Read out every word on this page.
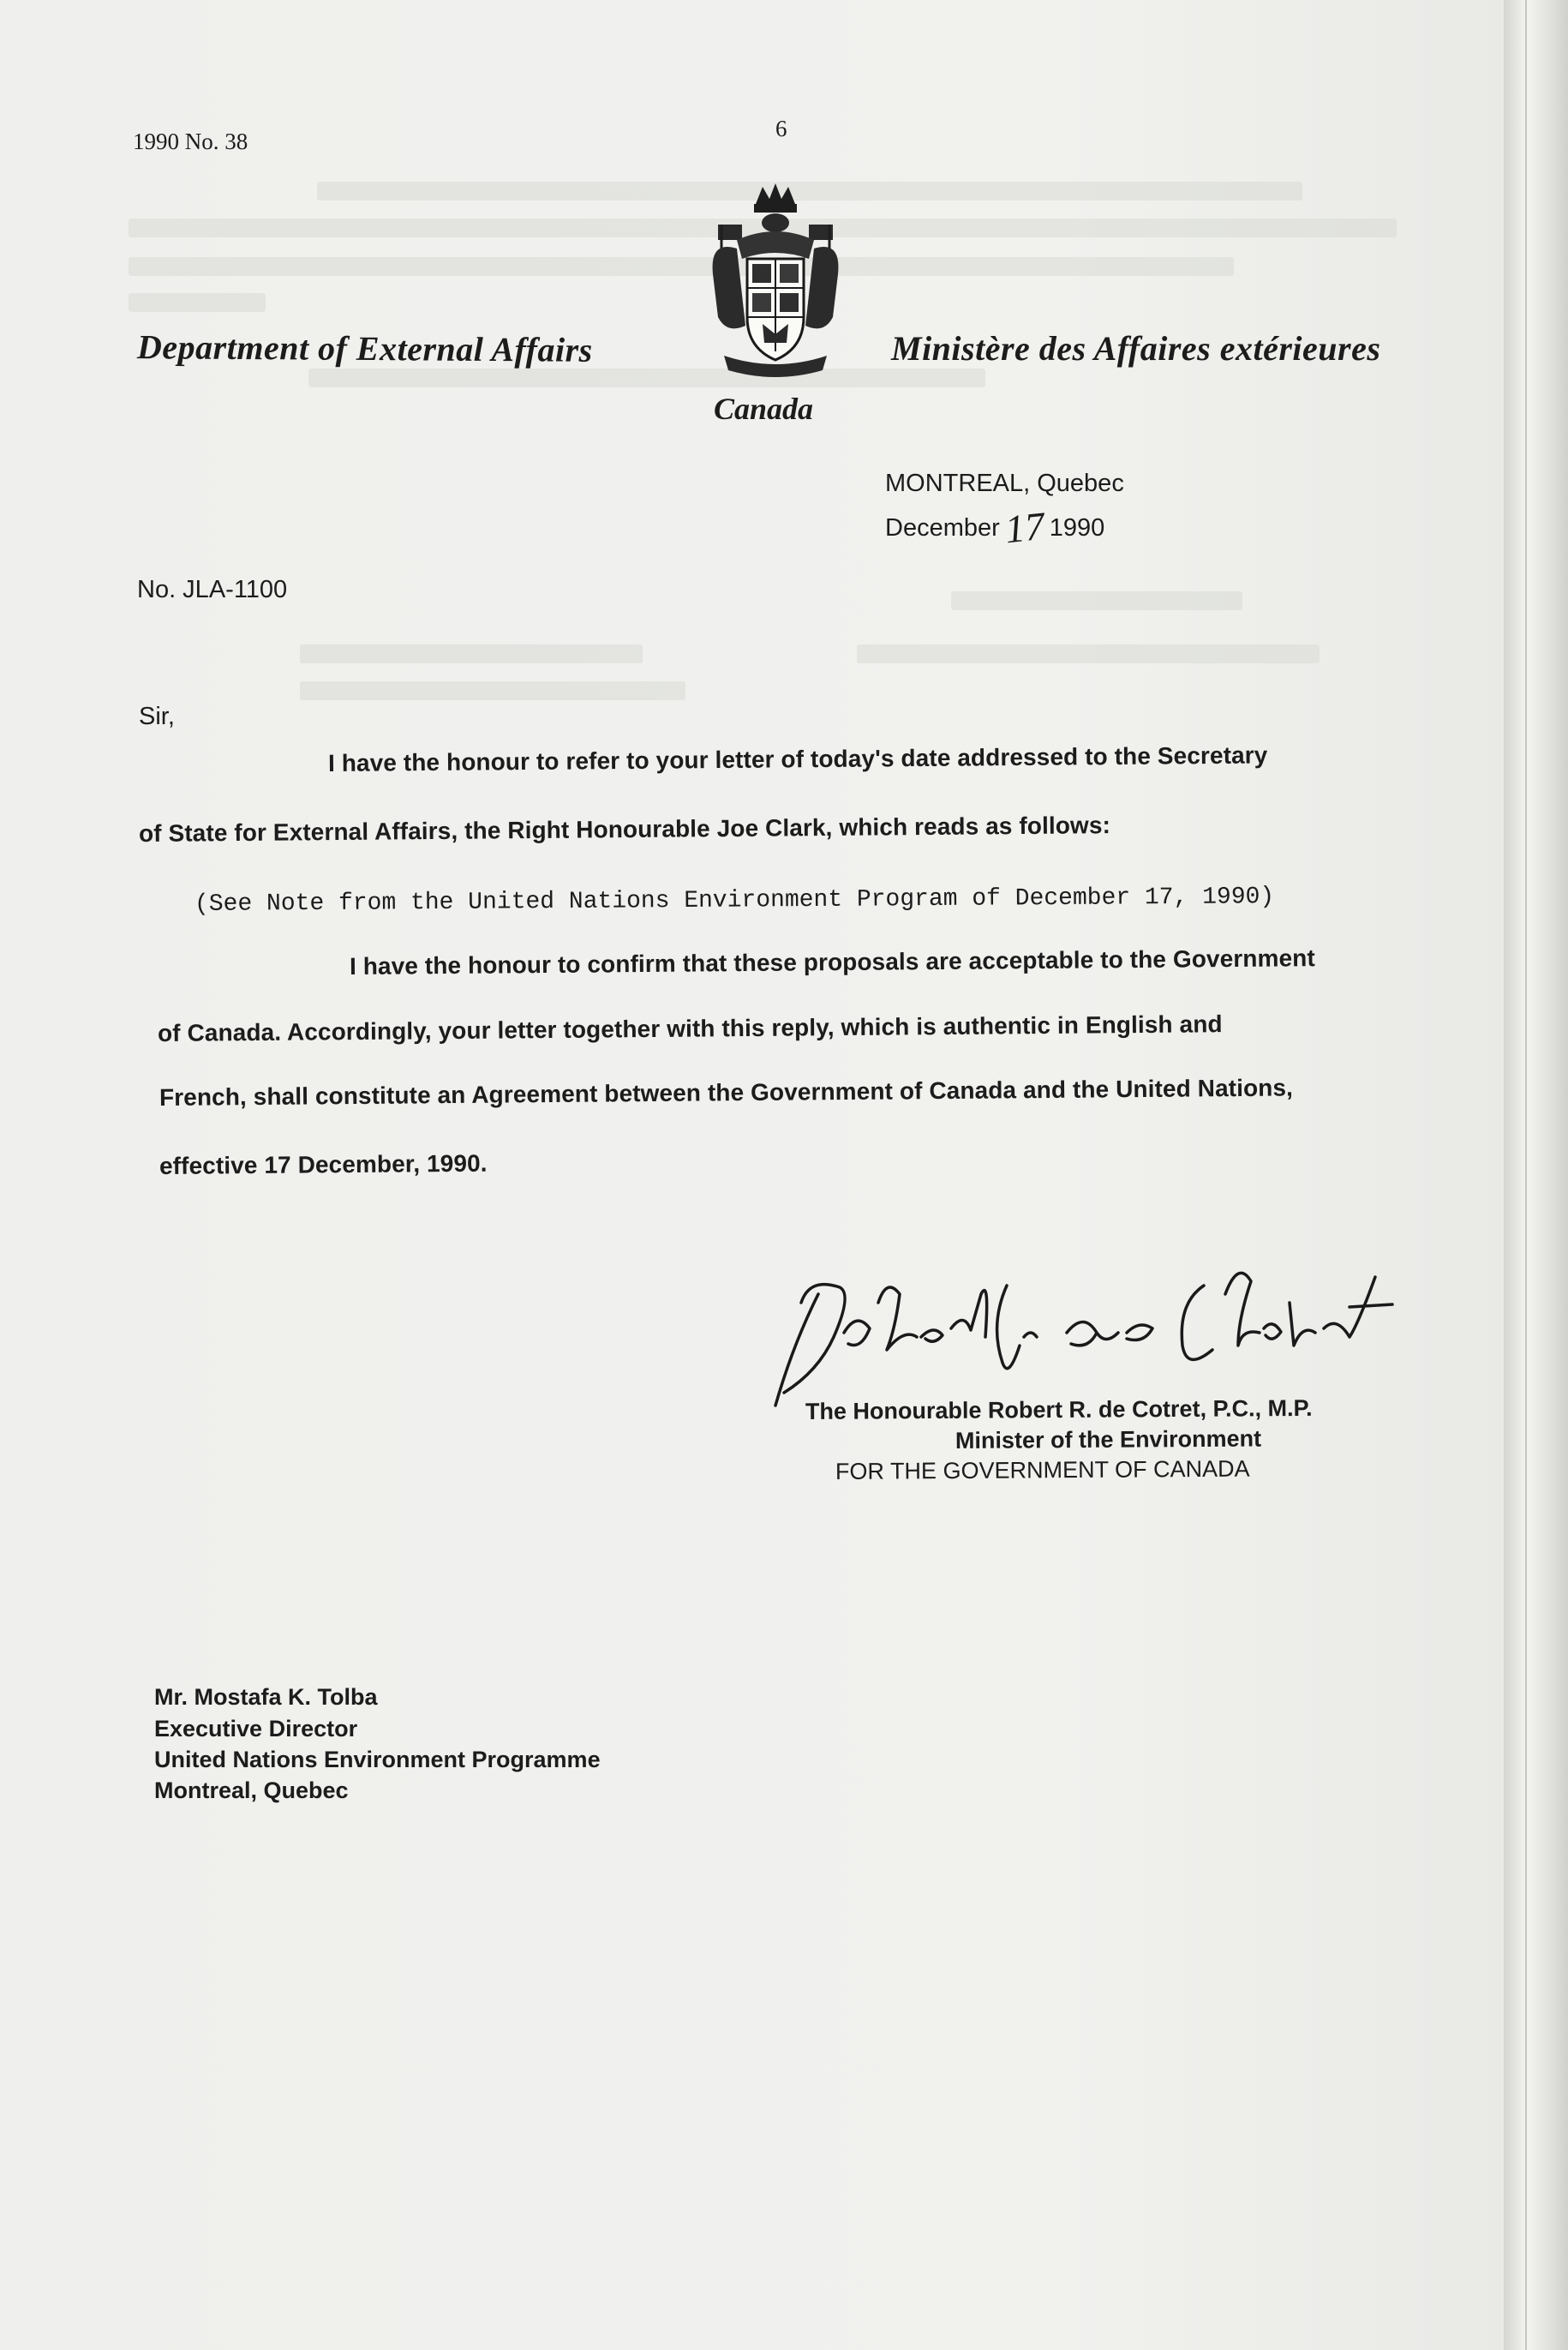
1990 No. 38	6
Department of External Affairs	Ministère des Affaires extérieures
Canada
MONTREAL, Quebec
December17 1990
No. JLA-1100
Sir,
I have the honour to refer to your letter of today's date addressed to the Secretary
of State for External Affairs, the Right Honourable Joe Clark, which reads as follows:
(See Note from the United Nations Environment Program of December 17, 1990)
I have the honour to confirm that these proposals are acceptable to the Government
of Canada. Accordingly, your letter together with this reply, which is authentic in English and
French, shall constitute an Agreement between the Government of Canada and the United Nations,
effective 17 December, 1990.
The Honourable Robert R. de Cotret, P.C., M.P.
Minister of the Environment
FOR THE GOVERNMENT OF CANADA
Mr. Mostafa K. Tolba
Executive Director
United Nations Environment Programme
Montreal, Quebec
